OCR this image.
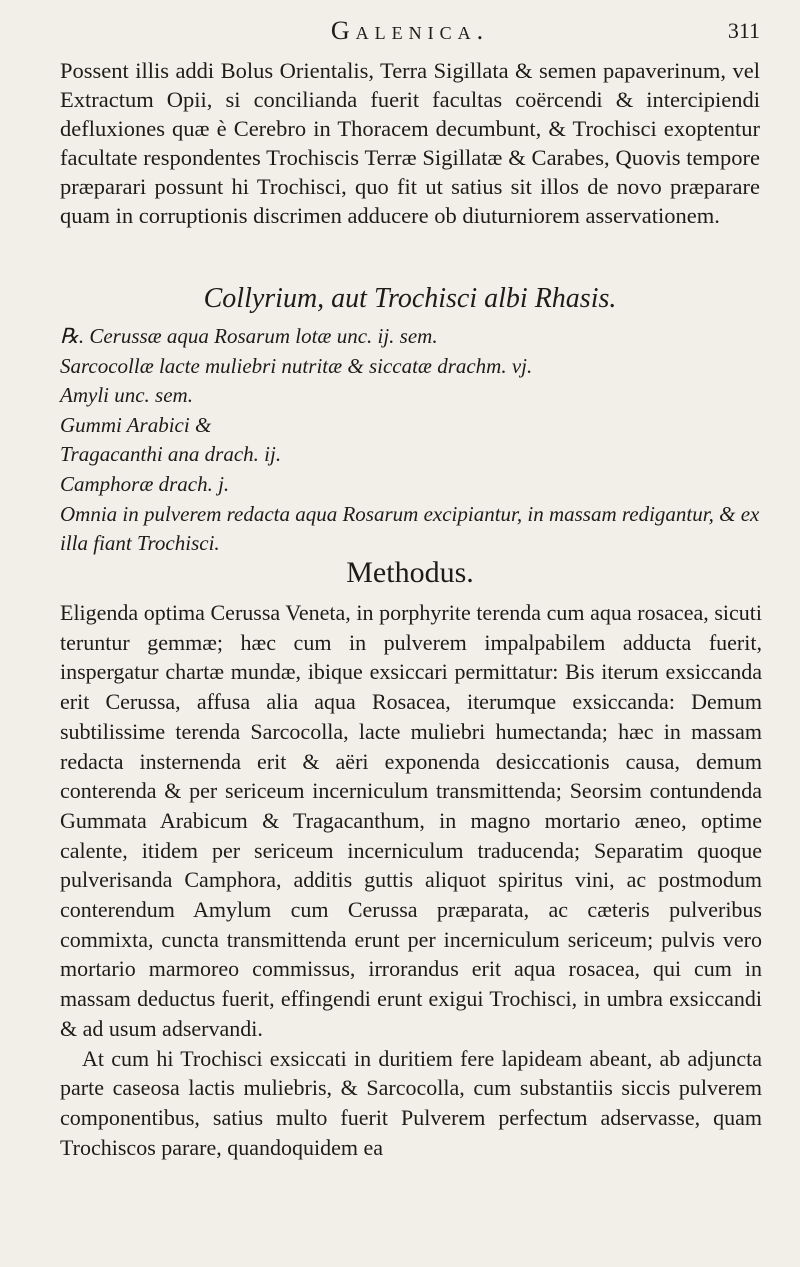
Galenica.	311

Possent illis addi Bolus Orientalis, Terra Sigillata & semen papaverinum, vel Extractum Opii, si concilianda fuerit facultas coërcendi & intercipiendi defluxiones quæ è Cerebro in Thoracem decumbunt, & Trochisci exoptentur facultate respondentes Trochiscis Terræ Sigillatæ & Carabes, Quovis tempore præparari possunt hi Trochisci, quo fit ut satius sit illos de novo præparare quam in corruptionis discrimen adducere ob diuturniorem asservationem.

Collyrium, aut Trochisci albi Rhasis.
℞. Cerussæ aqua Rosarum lotæ unc. ij. sem.
Sarcocollæ lacte muliebri nutritæ & siccatæ drachm. vj.
Amyli unc. sem.
Gummi Arabici &
Tragacanthi ana drach. ij.
Camphoræ drach. j.
Omnia in pulverem redacta aqua Rosarum excipiantur, in massam redigantur, & ex illa fiant Trochisci.
Methodus.

Eligenda optima Cerussa Veneta, in porphyrite terenda cum aqua rosacea, sicuti teruntur gemmæ; hæc cum in pulverem impalpabilem adducta fuerit, inspergatur chartæ mundæ, ibique exsiccari permittatur: Bis iterum exsiccanda erit Cerussa, affusa alia aqua Rosacea, iterumque exsiccanda: Demum subtilissime terenda Sarcocolla, lacte muliebri humectanda; hæc in massam redacta insternenda erit & aëri exponenda desiccationis causa, demum conterenda & per sericeum incerniculum transmittenda; Seorsim contundenda Gummata Arabicum & Tragacanthum, in magno mortario æneo, optime calente, itidem per sericeum incerniculum traducenda; Separatim quoque pulverisanda Camphora, additis guttis aliquot spiritus vini, ac postmodum conterendum Amylum cum Cerussa præparata, ac cæteris pulveribus commixta, cuncta transmittenda erunt per incerniculum sericeum; pulvis vero mortario marmoreo commissus, irrorandus erit aqua rosacea, qui cum in massam deductus fuerit, effingendi erunt exigui Trochisci, in umbra exsiccandi & ad usum adservandi.

At cum hi Trochisci exsiccati in duritiem fere lapideam abeant, ab adjuncta parte caseosa lactis muliebris, & Sarcocolla, cum substantiis siccis pulverem componentibus, satius multo fuerit Pulverem perfectum adservasse, quam Trochiscos parare, quandoquidem ea
